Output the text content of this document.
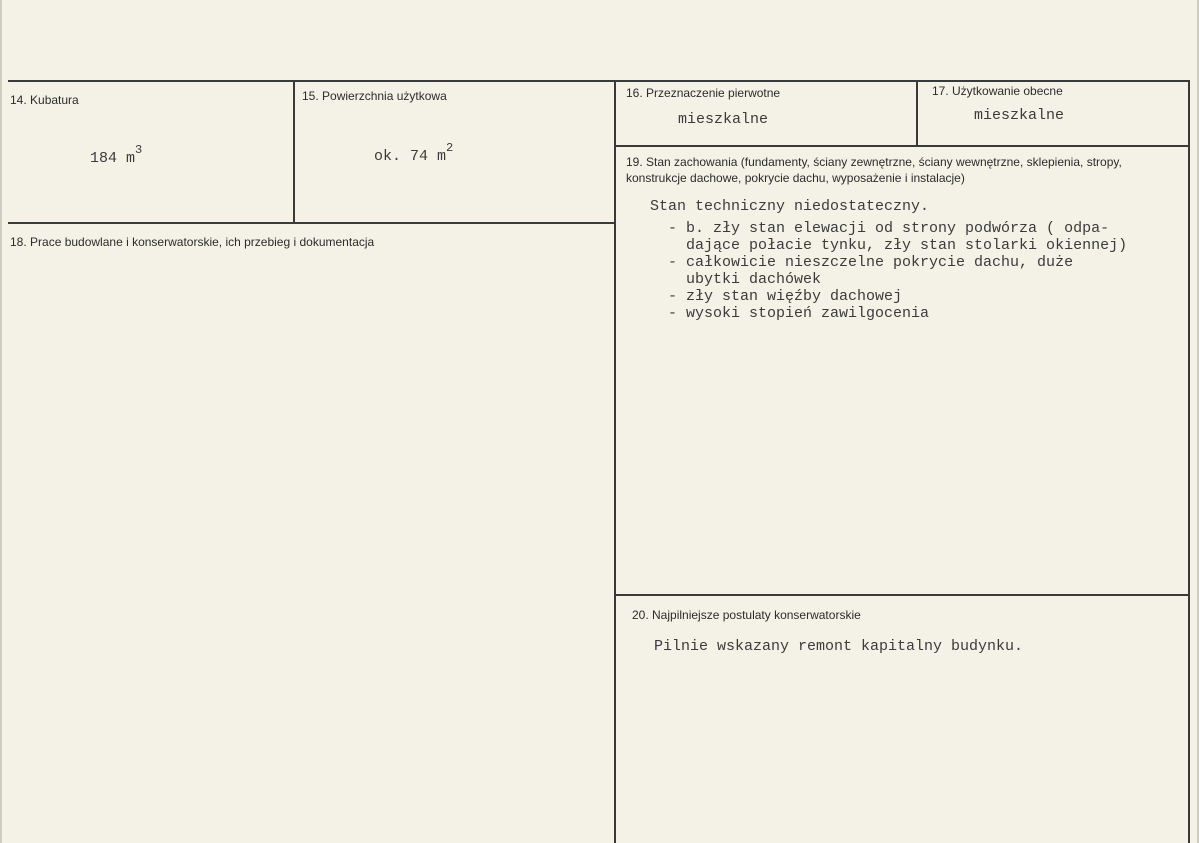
14. Kubatura
184 $m^3$
15. Powierzchnia użytkowa
ok. 74 $m^2$
16. Przeznaczenie pierwotne
mieszkalne
17. Użytkowanie obecne
mieszkalne
18. Prace budowlane i konserwatorskie, ich przebieg i dokumentacja
19. Stan zachowania (fundamenty, ściany zewnętrzne, ściany wewnętrzne, sklepienia, stropy, konstrukcje dachowe, pokrycie dachu, wyposażenie i instalacje)
Stan techniczny niedostateczny.
- b. zły stan elewacji od strony podwórza ( odpa-
dające połacie tynku, zły stan stolarki okiennej)
- całkowicie nieszczelne pokrycie dachu, duże
ubytki dachówek
- zły stan więźby dachowej
- wysoki stopień zawilgocenia
20. Najpilniejsze postulaty konserwatorskie
Pilnie wskazany remont kapitalny budynku.
